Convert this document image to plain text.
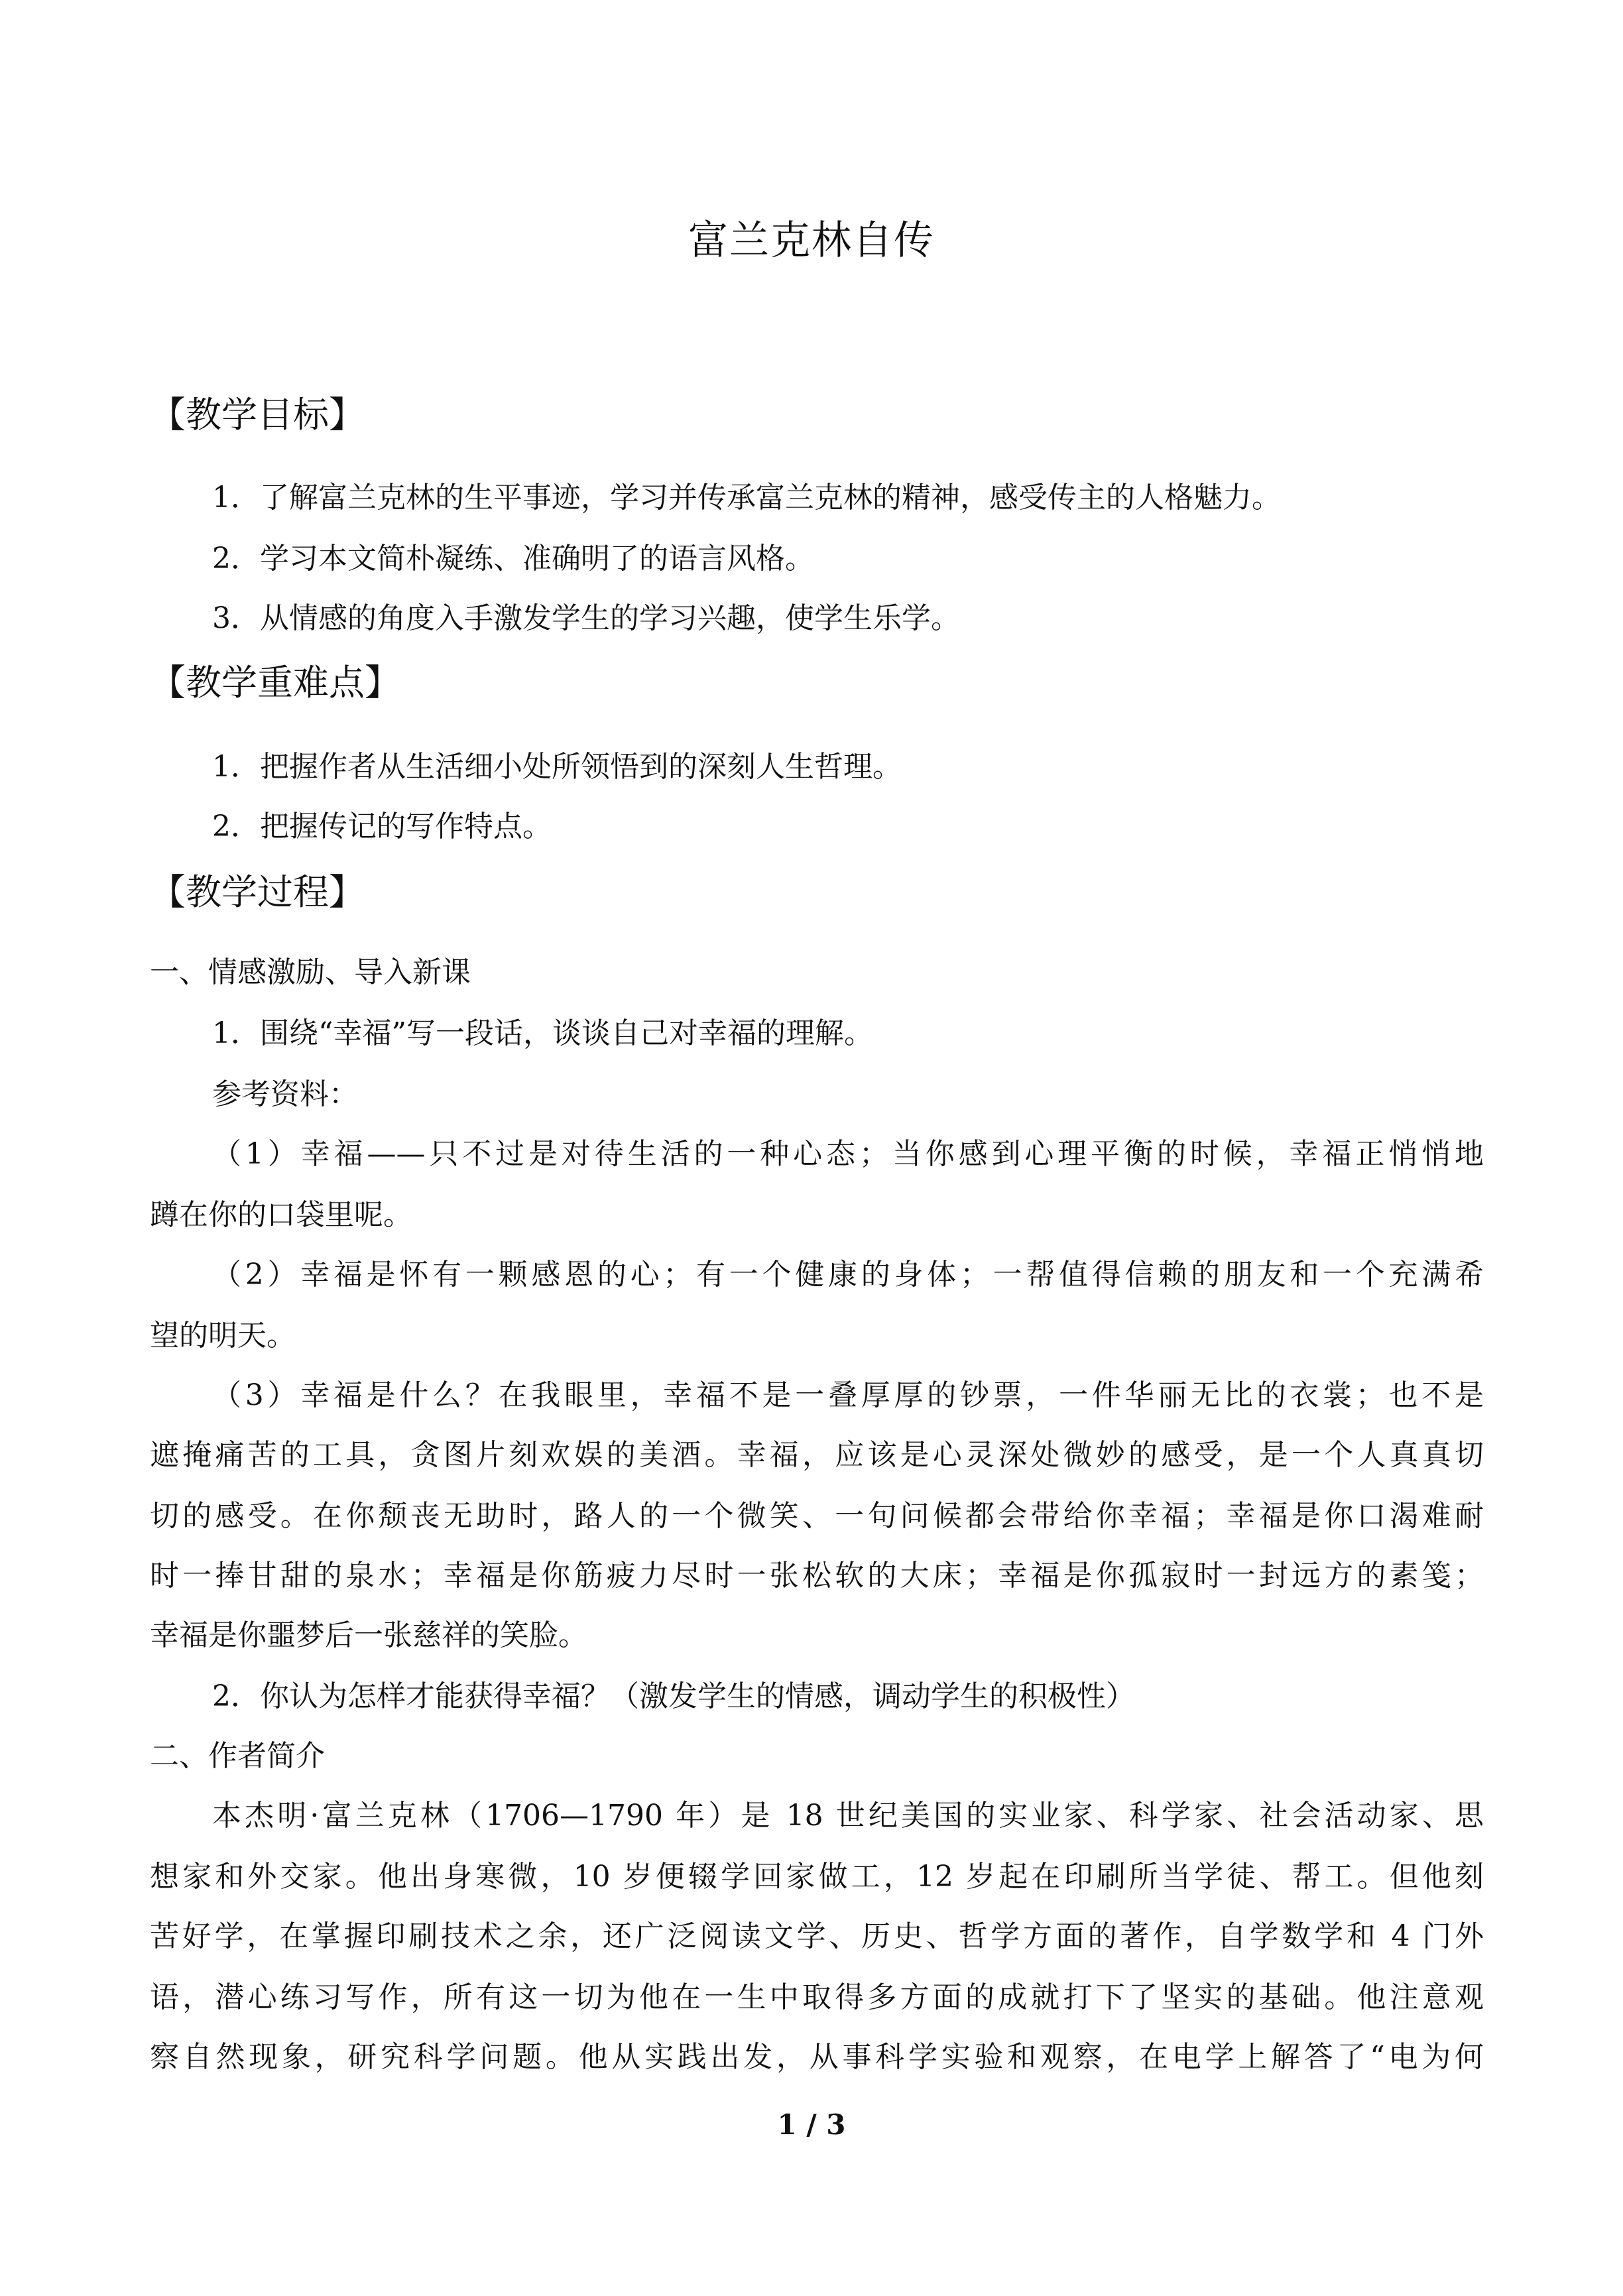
富兰克林自传
【教学目标】

1．了解富兰克林的生平事迹，学习并传承富兰克林的精神，感受传主的人格魅力。

2．学习本文简朴凝练、准确明了的语言风格。

3．从情感的角度入手激发学生的学习兴趣，使学生乐学。

【教学重难点】

1．把握作者从生活细小处所领悟到的深刻人生哲理。

2．把握传记的写作特点。

【教学过程】

一、情感激励、导入新课

1．围绕“幸福”写一段话，谈谈自己对幸福的理解。

参考资料：

（1）幸福——只不过是对待生活的一种心态；当你感到心理平衡的时候，幸福正悄悄地

蹲在你的口袋里呢。

（2）幸福是怀有一颗感恩的心；有一个健康的身体；一帮值得信赖的朋友和一个充满希

望的明天。

（3）幸福是什么？在我眼里，幸福不是一叠厚厚的钞票，一件华丽无比的衣裳；也不是

遮掩痛苦的工具，贪图片刻欢娱的美酒。幸福，应该是心灵深处微妙的感受，是一个人真真切

切的感受。在你颓丧无助时，路人的一个微笑、一句问候都会带给你幸福；幸福是你口渴难耐

时一捧甘甜的泉水；幸福是你筋疲力尽时一张松软的大床；幸福是你孤寂时一封远方的素笺；

幸福是你噩梦后一张慈祥的笑脸。

2．你认为怎样才能获得幸福？（激发学生的情感，调动学生的积极性）

二、作者简介

本杰明·富兰克林（1706—1790 年）是 18 世纪美国的实业家、科学家、社会活动家、思

想家和外交家。他出身寒微，10 岁便辍学回家做工，12 岁起在印刷所当学徒、帮工。但他刻

苦好学，在掌握印刷技术之余，还广泛阅读文学、历史、哲学方面的著作，自学数学和 4 门外

语，潜心练习写作，所有这一切为他在一生中取得多方面的成就打下了坚实的基础。他注意观

察自然现象，研究科学问题。他从实践出发，从事科学实验和观察，在电学上解答了“电为何

1 / 3
